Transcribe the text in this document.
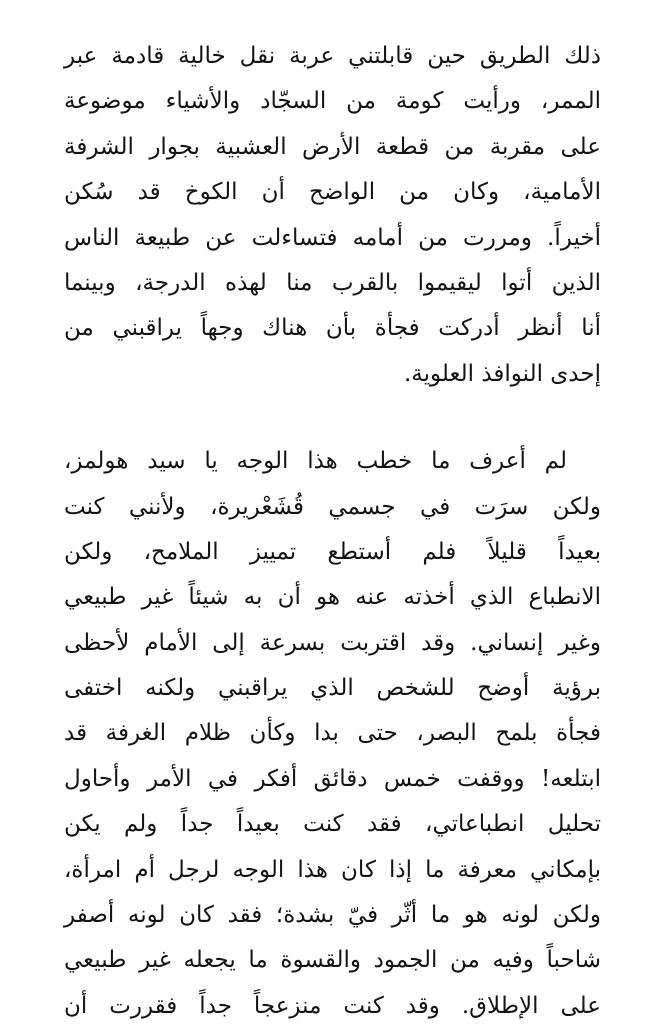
ذلك الطريق حين قابلتني عربة نقل خالية قادمة عبر
الممر، ورأيت كومة من السجّاد والأشياء موضوعة
على مقربة من قطعة الأرض العشبية بجوار الشرفة
الأمامية، وكان من الواضح أن الكوخ قد سُكن
أخيراً. ومررت من أمامه فتساءلت عن طبيعة الناس
الذين أتوا ليقيموا بالقرب منا لهذه الدرجة، وبينما
أنا أنظر أدركت فجأة بأن هناك وجهاً يراقبني من
إحدى النوافذ العلوية.
لم أعرف ما خطب هذا الوجه يا سيد هولمز،
ولكن سرَت في جسمي قُشَعْريرة، ولأنني كنت
بعيداً قليلاً فلم أستطع تمييز الملامح، ولكن
الانطباع الذي أخذته عنه هو أن به شيئاً غير طبيعي
وغير إنساني. وقد اقتربت بسرعة إلى الأمام لأحظى
برؤية أوضح للشخص الذي يراقبني ولكنه اختفى
فجأة بلمح البصر، حتى بدا وكأن ظلام الغرفة قد
ابتلعه! ووقفت خمس دقائق أفكر في الأمر وأحاول
تحليل انطباعاتي، فقد كنت بعيداً جداً ولم يكن
بإمكاني معرفة ما إذا كان هذا الوجه لرجل أم امرأة،
ولكن لونه هو ما أثّر فيّ بشدة؛ فقد كان لونه أصفر
شاحباً وفيه من الجمود والقسوة ما يجعله غير طبيعي
على الإطلاق. وقد كنت منزعجاً جداً فقررت أن
